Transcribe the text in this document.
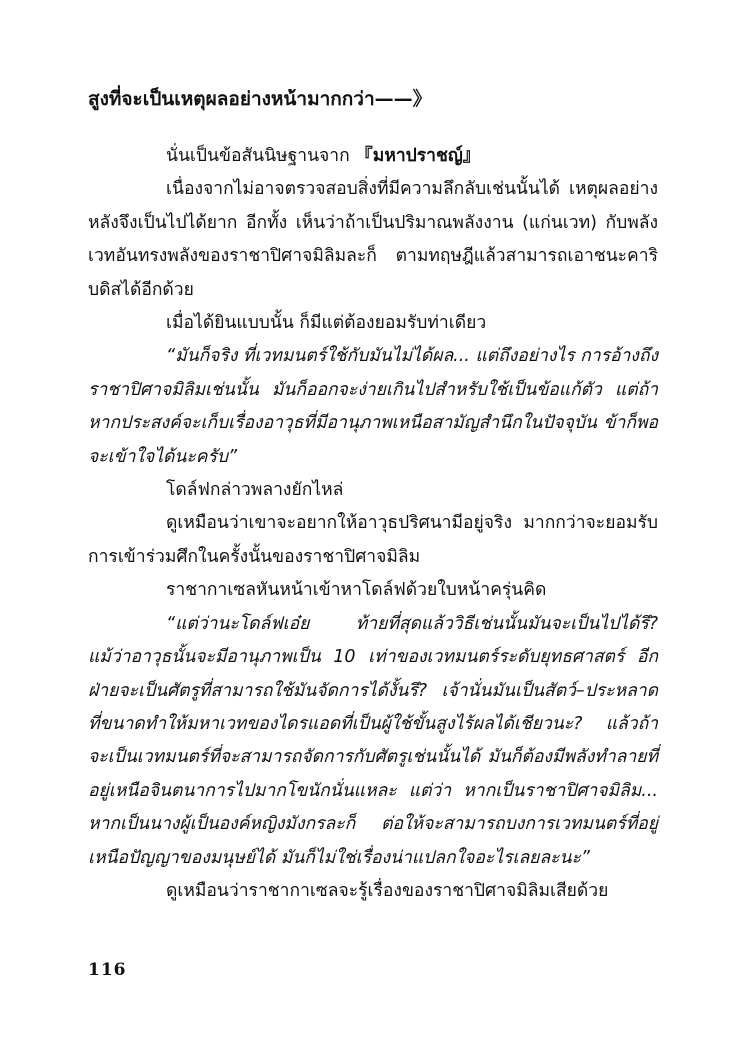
สูงที่จะเป็นเหตุผลอย่างหน้ามากกว่า——》

นั่นเป็นข้อสันนิษฐานจาก 『มหาปราชญ์』

เนื่องจากไม่อาจตรวจสอบสิ่งที่มีความลึกลับเช่นนั้นได้ เหตุผลอย่างหลังจึงเป็นไปได้ยาก อีกทั้ง เห็นว่าถ้าเป็นปริมาณพลังงาน (แก่นเวท) กับพลังเวทอันทรงพลังของราชาปิศาจมิลิมละก็ ตามทฤษฎีแล้วสามารถเอาชนะคาริบดิสได้อีกด้วย

เมื่อได้ยินแบบนั้น ก็มีแต่ต้องยอมรับท่าเดียว

“มันก็จริง ที่เวทมนตร์ใช้กับมันไม่ได้ผล... แต่ถึงอย่างไร การอ้างถึงราชาปิศาจมิลิมเช่นนั้น มันก็ออกจะง่ายเกินไปสำหรับใช้เป็นข้อแก้ตัว แต่ถ้าหากประสงค์จะเก็บเรื่องอาวุธที่มีอานุภาพเหนือสามัญสำนึกในปัจจุบัน ข้าก็พอจะเข้าใจได้นะครับ”

โดล์ฟกล่าวพลางยักไหล่

ดูเหมือนว่าเขาจะอยากให้อาวุธปริศนามีอยู่จริง มากกว่าจะยอมรับการเข้าร่วมศึกในครั้งนั้นของราชาปิศาจมิลิม

ราชากาเซลหันหน้าเข้าหาโดล์ฟด้วยใบหน้าครุ่นคิด

“แต่ว่านะโดล์ฟเอ๋ย ท้ายที่สุดแล้ววิธีเช่นนั้นมันจะเป็นไปได้รึ? แม้ว่าอาวุธนั้นจะมีอานุภาพเป็น 10 เท่าของเวทมนตร์ระดับยุทธศาสตร์ อีกฝ่ายจะเป็นศัตรูที่สามารถใช้มันจัดการได้งั้นรึ? เจ้านั่นมันเป็นสัตว์–ประหลาดที่ขนาดทำให้มหาเวทของไดรแอดที่เป็นผู้ใช้ขั้นสูงไร้ผลได้เชียวนะ? แล้วถ้าจะเป็นเวทมนตร์ที่จะสามารถจัดการกับศัตรูเช่นนั้นได้ มันก็ต้องมีพลังทำลายที่อยู่เหนือจินตนาการไปมากโขนักนั่นแหละ แต่ว่า หากเป็นราชาปิศาจมิลิม... หากเป็นนางผู้เป็นองค์หญิงมังกรละก็ ต่อให้จะสามารถบงการเวทมนตร์ที่อยู่เหนือปัญญาของมนุษย์ได้ มันก็ไม่ใช่เรื่องน่าแปลกใจอะไรเลยละนะ”

ดูเหมือนว่าราชากาเซลจะรู้เรื่องของราชาปิศาจมิลิมเสียด้วย

116
